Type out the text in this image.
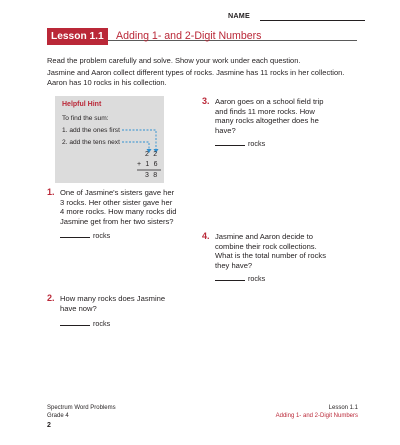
NAME
Lesson 1.1	Adding 1- and 2-Digit Numbers
Read the problem carefully and solve. Show your work under each question.
Jasmine and Aaron collect different types of rocks. Jasmine has 11 rocks in her collection. Aaron has 10 rocks in his collection.
Helpful Hint
To find the sum:
1. add the ones first
2. add the tens next
2 2
+ 1 6
3 8
1. One of Jasmine's sisters gave her 3 rocks. Her other sister gave her 4 more rocks. How many rocks did Jasmine get from her two sisters?
rocks
2. How many rocks does Jasmine have now?
rocks
3. Aaron goes on a school field trip and finds 11 more rocks. How many rocks altogether does he have?
rocks
4. Jasmine and Aaron decide to combine their rock collections. What is the total number of rocks they have?
rocks
Spectrum Word Problems
Grade 4
2
Lesson 1.1
Adding 1- and 2-Digit Numbers
